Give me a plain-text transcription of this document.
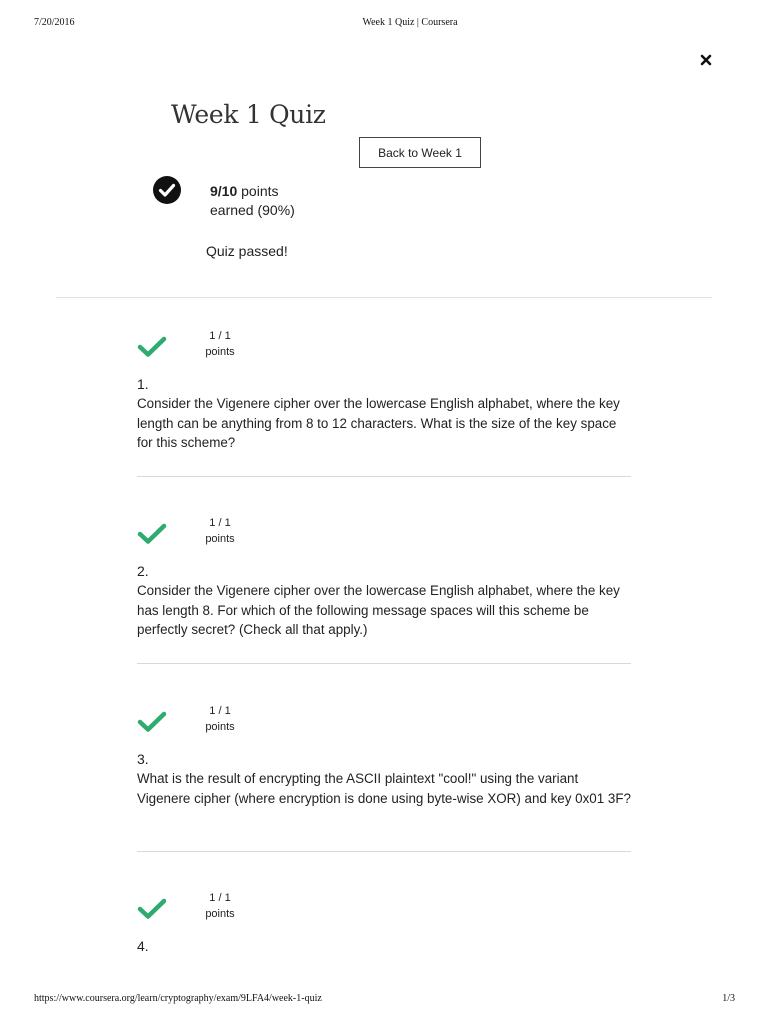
7/20/2016	Week 1 Quiz | Coursera
Week 1 Quiz
Back to Week 1
9/10 points
earned (90%)
Quiz passed!
1 / 1
points
1.
Consider the Vigenere cipher over the lowercase English alphabet, where the key length can be anything from 8 to 12 characters. What is the size of the key space for this scheme?
1 / 1
points
2.
Consider the Vigenere cipher over the lowercase English alphabet, where the key has length 8. For which of the following message spaces will this scheme be perfectly secret? (Check all that apply.)
1 / 1
points
3.
What is the result of encrypting the ASCII plaintext "cool!" using the variant Vigenere cipher (where encryption is done using byte-wise XOR) and key 0x01 3F?
1 / 1
points
4.
https://www.coursera.org/learn/cryptography/exam/9LFA4/week-1-quiz	1/3
